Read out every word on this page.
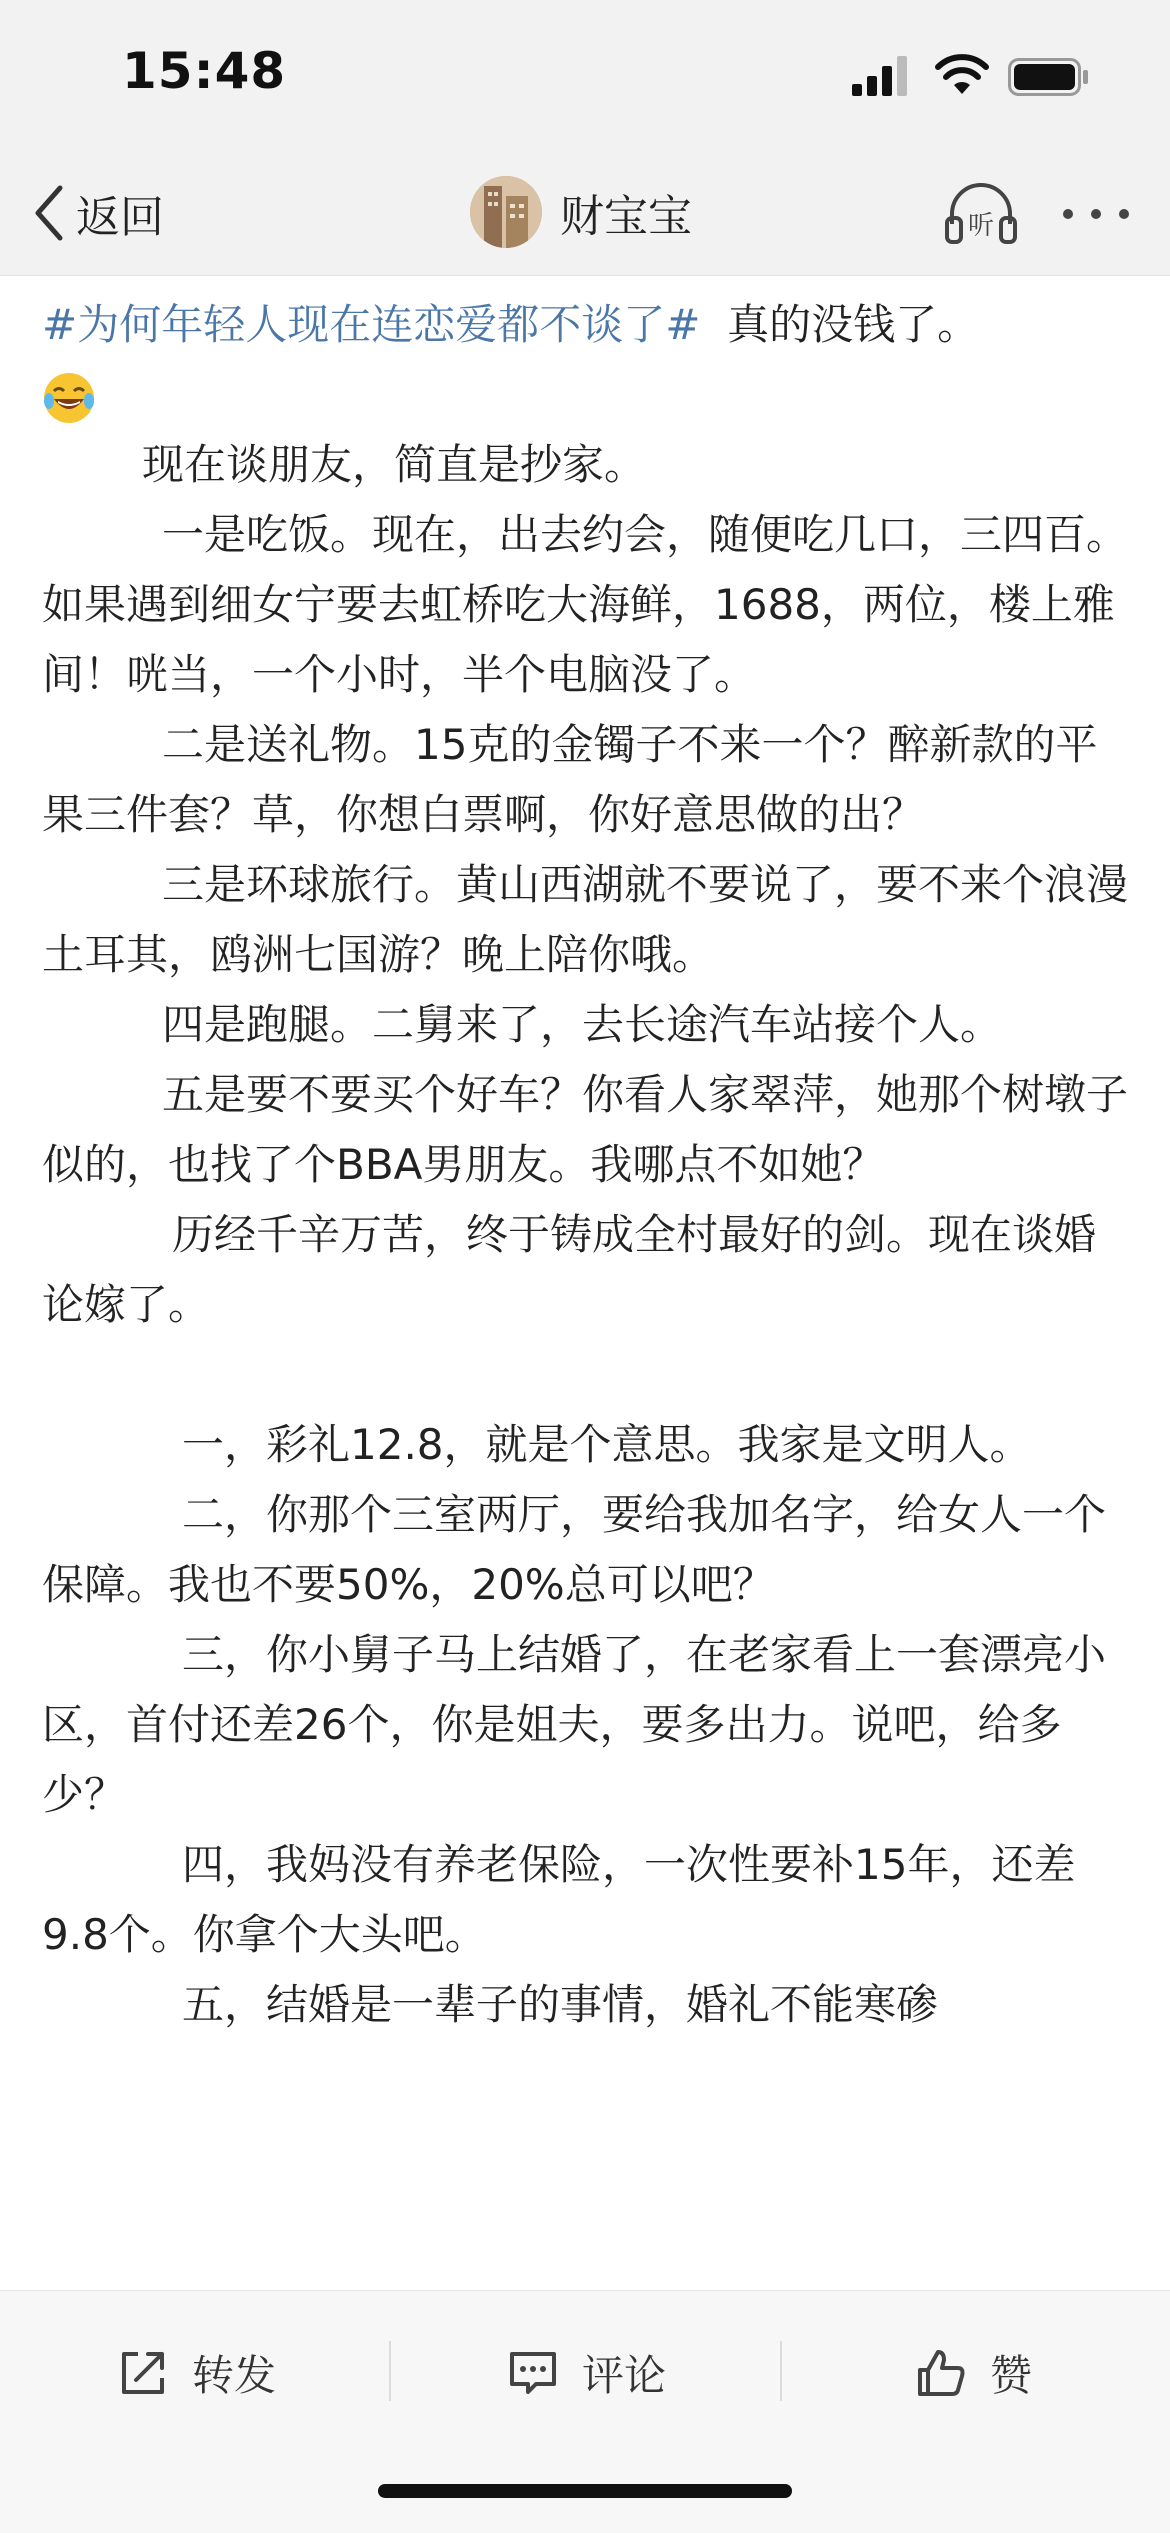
15:48
返回	财宝宝	听

#为何年轻人现在连恋爱都不谈了# 真的没钱了。

现在谈朋友，简直是抄家。

一是吃饭。现在，出去约会，随便吃几口，三四百。如果遇到细女宁要去虹桥吃大海鲜，1688，两位，楼上雅间！咣当，一个小时，半个电脑没了。

二是送礼物。15克的金镯子不来一个？醉新款的平果三件套？草，你想白票啊，你好意思做的出？

三是环球旅行。黄山西湖就不要说了，要不来个浪漫土耳其，鸥洲七国游？晚上陪你哦。

四是跑腿。二舅来了，去长途汽车站接个人。

五是要不要买个好车？你看人家翠萍，她那个树墩子似的，也找了个BBA男朋友。我哪点不如她？

历经千辛万苦，终于铸成全村最好的剑。现在谈婚论嫁了。

一，彩礼12.8，就是个意思。我家是文明人。

二，你那个三室两厅，要给我加名字，给女人一个保障。我也不要50%，20%总可以吧？

三，你小舅子马上结婚了，在老家看上一套漂亮小区，首付还差26个，你是姐夫，要多出力。说吧，给多少？

四，我妈没有养老保险，一次性要补15年，还差9.8个。你拿个大头吧。

五，结婚是一辈子的事情，婚礼不能寒碜

转发	评论	赞
